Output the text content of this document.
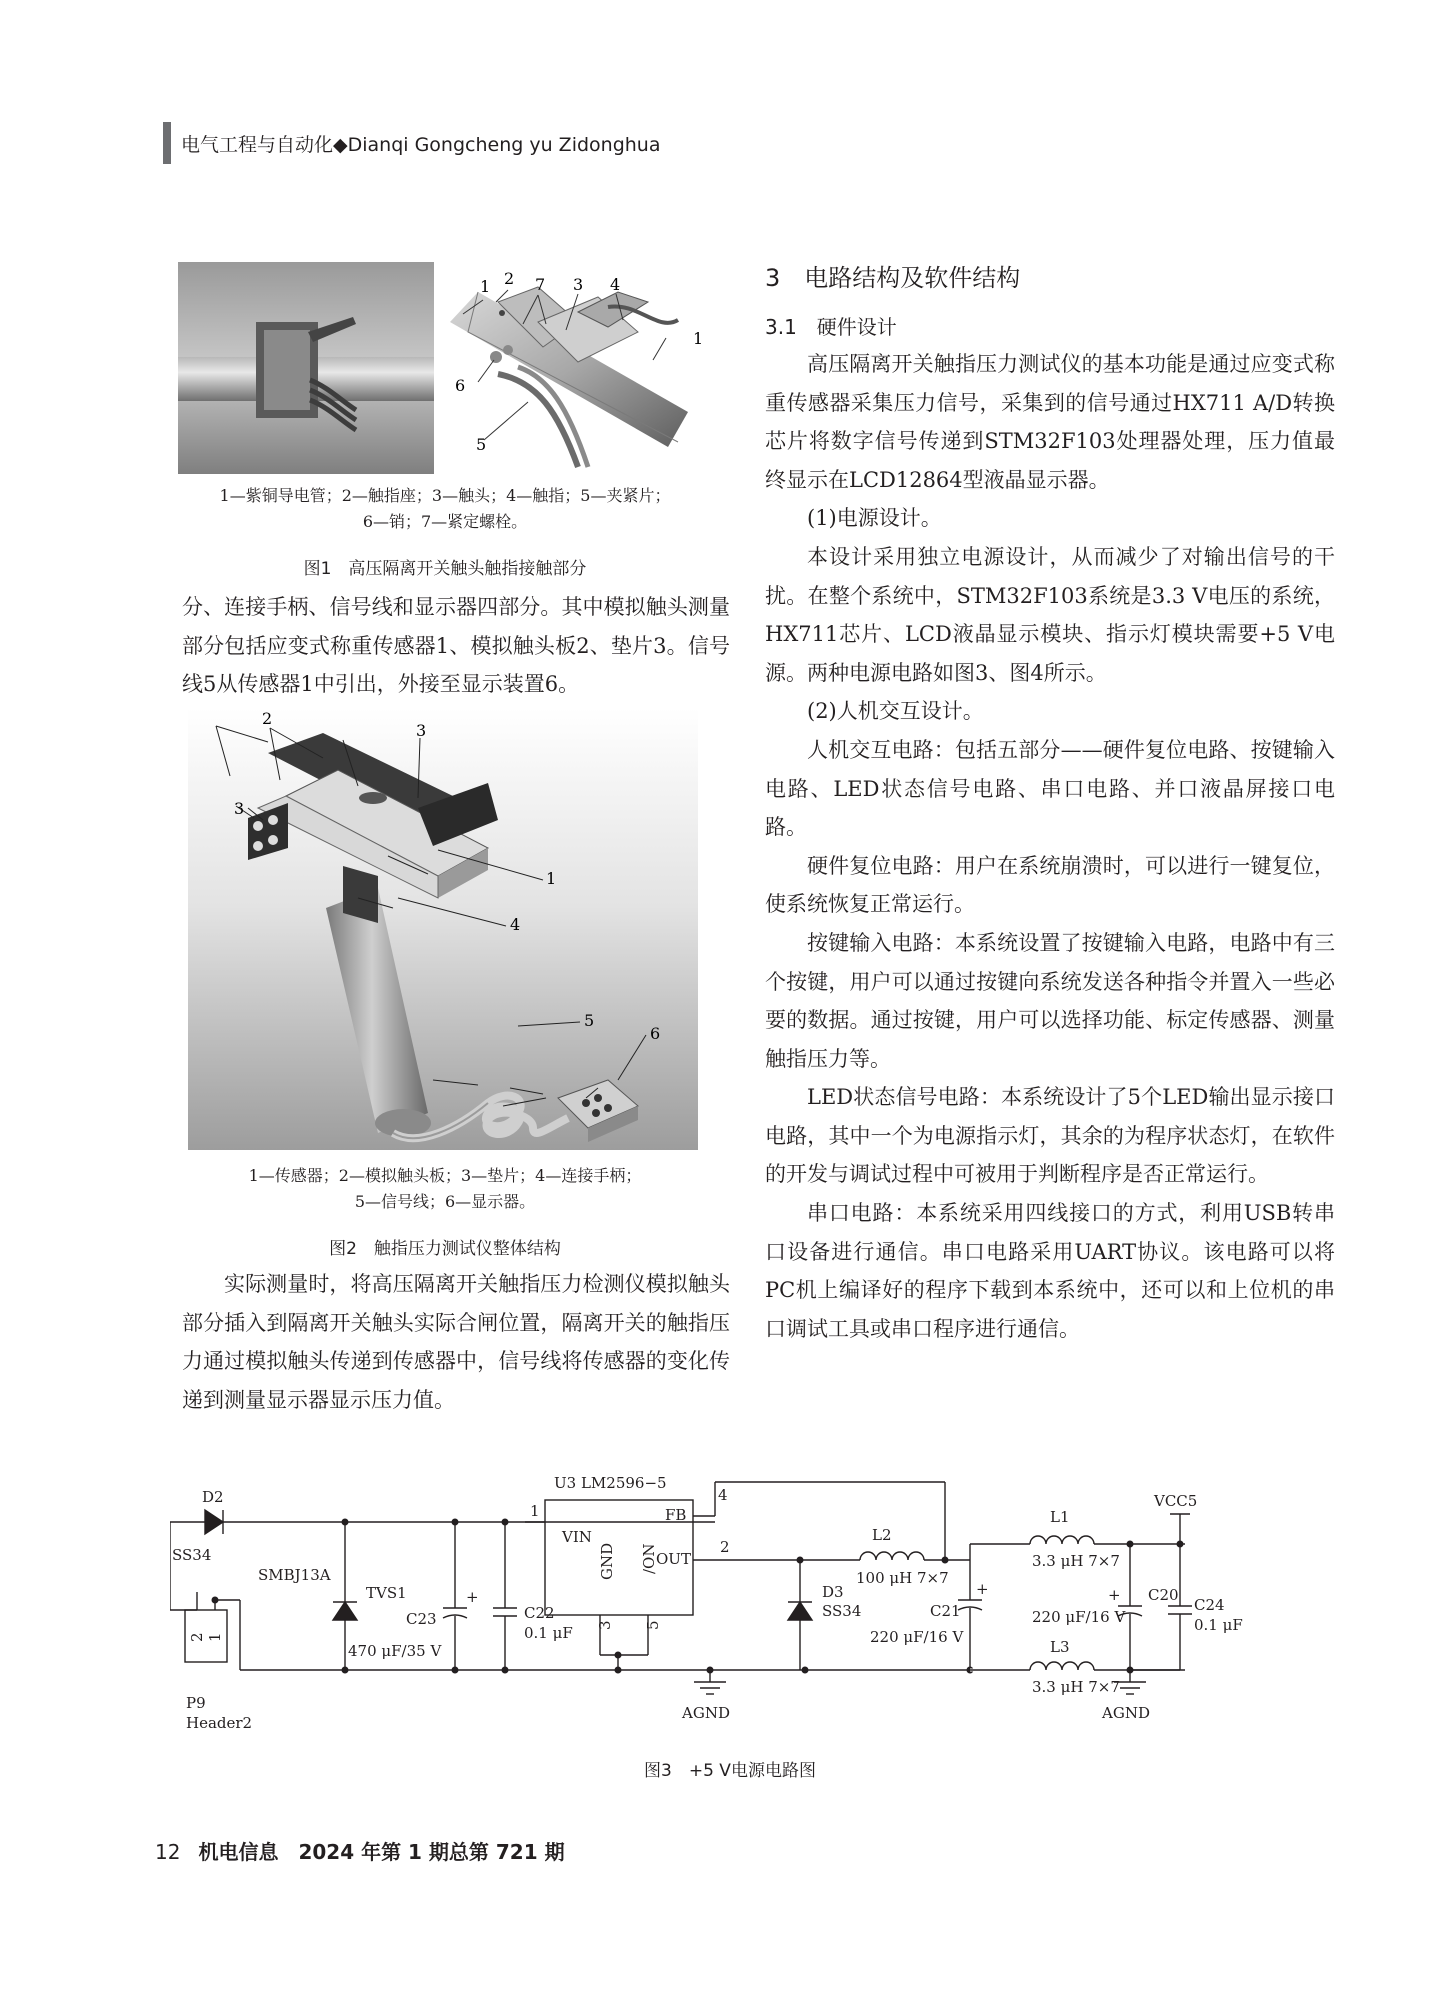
电气工程与自动化◆Dianqi Gongcheng yu Zidonghua
1 2 7 3 4
1
6
5
1—紫铜导电管；2—触指座；3—触头；4—触指；5—夹紧片；
6—销；7—紧定螺栓。
图1　高压隔离开关触头触指接触部分

分、连接手柄、信号线和显示器四部分。其中模拟触头测量部分包括应变式称重传感器1、模拟触头板2、垫片3。信号线5从传感器1中引出，外接至显示装置6。

2
3
3
1
4
5
6
1—传感器；2—模拟触头板；3—垫片；4—连接手柄；
5—信号线；6—显示器。
图2　触指压力测试仪整体结构

实际测量时，将高压隔离开关触指压力检测仪模拟触头部分插入到隔离开关触头实际合闸位置，隔离开关的触指压力通过模拟触头传递到传感器中，信号线将传感器的变化传递到测量显示器显示压力值。

3　电路结构及软件结构
3.1　硬件设计

高压隔离开关触指压力测试仪的基本功能是通过应变式称重传感器采集压力信号，采集到的信号通过HX711 A/D转换芯片将数字信号传递到STM32F103处理器处理，压力值最终显示在LCD12864型液晶显示器。

(1)电源设计。

本设计采用独立电源设计，从而减少了对输出信号的干扰。在整个系统中，STM32F103系统是3.3 V电压的系统，HX711芯片、LCD液晶显示模块、指示灯模块需要+5 V电源。两种电源电路如图3、图4所示。

(2)人机交互设计。

人机交互电路：包括五部分——硬件复位电路、按键输入电路、LED状态信号电路、串口电路、并口液晶屏接口电路。

硬件复位电路：用户在系统崩溃时，可以进行一键复位，使系统恢复正常运行。

按键输入电路：本系统设置了按键输入电路，电路中有三个按键，用户可以通过按键向系统发送各种指令并置入一些必要的数据。通过按键，用户可以选择功能、标定传感器、测量触指压力等。

LED状态信号电路：本系统设计了5个LED输出显示接口电路，其中一个为电源指示灯，其余的为程序状态灯，在软件的开发与调试过程中可被用于判断程序是否正常运行。

串口电路：本系统采用四线接口的方式，利用USB转串口设备进行通信。串口电路采用UART协议。该电路可以将PC机上编译好的程序下载到本系统中，还可以和上位机的串口调试工具或串口程序进行通信。

D2
SS34
SMBJ13A
TVS1
C23
+
470 μF/35 V
C22
0.1 μF
U3 LM2596−5
1
VIN
FB
OUT
GND /ON
3 5
4
2
L2
100 μH 7×7
D3
SS34	C21
+
220 μF/16 V
L1
3.3 μH 7×7
VCC5
C20
+
220 μF/16 V
C24
0.1 μF
L3
3.3 μH 7×7
AGND	AGND
P9
Header2
2 1
图3　+5 V电源电路图
12 机电信息　2024 年第 1 期总第 721 期
